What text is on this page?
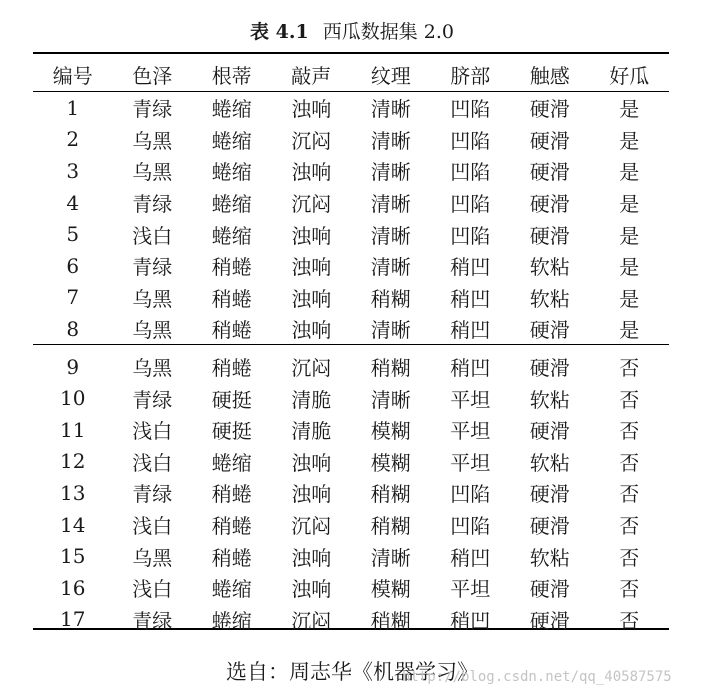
表 4.1 西瓜数据集 2.0
编号	色泽	根蒂	敲声	纹理	脐部	触感	好瓜
1	青绿	蜷缩	浊响	清晰	凹陷	硬滑	是
2	乌黑	蜷缩	沉闷	清晰	凹陷	硬滑	是
3	乌黑	蜷缩	浊响	清晰	凹陷	硬滑	是
4	青绿	蜷缩	沉闷	清晰	凹陷	硬滑	是
5	浅白	蜷缩	浊响	清晰	凹陷	硬滑	是
6	青绿	稍蜷	浊响	清晰	稍凹	软粘	是
7	乌黑	稍蜷	浊响	稍糊	稍凹	软粘	是
8	乌黑	稍蜷	浊响	清晰	稍凹	硬滑	是
9	乌黑	稍蜷	沉闷	稍糊	稍凹	硬滑	否
10	青绿	硬挺	清脆	清晰	平坦	软粘	否
11	浅白	硬挺	清脆	模糊	平坦	硬滑	否
12	浅白	蜷缩	浊响	模糊	平坦	软粘	否
13	青绿	稍蜷	浊响	稍糊	凹陷	硬滑	否
14	浅白	稍蜷	沉闷	稍糊	凹陷	硬滑	否
15	乌黑	稍蜷	浊响	清晰	稍凹	软粘	否
16	浅白	蜷缩	浊响	模糊	平坦	硬滑	否
17	青绿	蜷缩	沉闷	稍糊	稍凹	硬滑	否
选自：周志华《机器学习》
http://blog.csdn.net/qq_40587575
